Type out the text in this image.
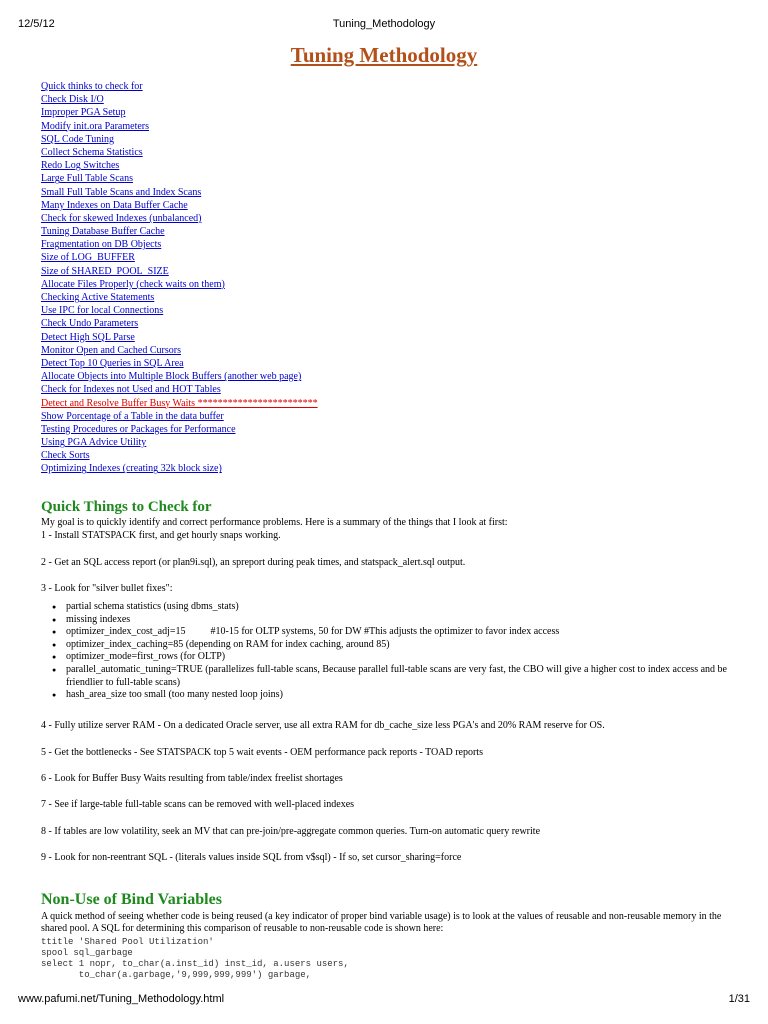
12/5/12	Tuning_Methodology
Tuning Methodology
Quick thinks to check for
Check Disk I/O
Improper PGA Setup
Modify init.ora Parameters
SQL Code Tuning
Collect Schema Statistics
Redo Log Switches
Large Full Table Scans
Small Full Table Scans and Index Scans
Many Indexes on Data Buffer Cache
Check for skewed Indexes (unbalanced)
Tuning Database Buffer Cache
Fragmentation on DB Objects
Size of LOG_BUFFER
Size of SHARED_POOL_SIZE
Allocate Files Properly (check waits on them)
Checking Active Statements
Use IPC for local Connections
Check Undo Parameters
Detect High SQL Parse
Monitor Open and Cached Cursors
Detect Top 10 Queries in SQL Area
Allocate Objects into Multiple Block Buffers (another web page)
Check for Indexes not Used and HOT Tables
Detect and Resolve Buffer Busy Waits ************************
Show Porcentage of a Table in the data buffer
Testing Procedures or Packages for Performance
Using PGA Advice Utility
Check Sorts
Optimizing Indexes (creating 32k block size)
Quick Things to Check for

My goal is to quickly identify and correct performance problems. Here is a summary of the things that I look at first:

1 - Install STATSPACK first, and get hourly snaps working.

2 - Get an SQL access report (or plan9i.sql), an spreport during peak times, and statspack_alert.sql output.

3 - Look for "silver bullet fixes":

● partial schema statistics (using dbms_stats)
● missing indexes
● optimizer_index_cost_adj=15          #10-15 for OLTP systems, 50 for DW #This adjusts the optimizer to favor index access
● optimizer_index_caching=85 (depending on RAM for index caching, around 85)
● optimizer_mode=first_rows (for OLTP)
● parallel_automatic_tuning=TRUE (parallelizes full-table scans, Because parallel full-table scans are very fast, the CBO will give a higher cost to index access and be friendlier to full-table scans)
● hash_area_size too small (too many nested loop joins)

4 - Fully utilize server RAM - On a dedicated Oracle server, use all extra RAM for db_cache_size less PGA's and 20% RAM reserve for OS.

5 - Get the bottlenecks - See STATSPACK top 5 wait events - OEM performance pack reports - TOAD reports

6 - Look for Buffer Busy Waits resulting from table/index freelist shortages

7 - See if large-table full-table scans can be removed with well-placed indexes

8 - If tables are low volatility, seek an MV that can pre-join/pre-aggregate common queries. Turn-on automatic query rewrite

9 - Look for non-reentrant SQL - (literals values inside SQL from v$sql) - If so, set cursor_sharing=force

Non-Use of Bind Variables

A quick method of seeing whether code is being reused (a key indicator of proper bind variable usage) is to look at the values of reusable and non-reusable memory in the shared pool. A SQL for determining this comparison of reusable to non-reusable code is shown here:

ttitle 'Shared Pool Utilization'
spool sql_garbage
select 1 nopr, to_char(a.inst_id) inst_id, a.users users,
to_char(a.garbage,'9,999,999,999') garbage,
www.pafumi.net/Tuning_Methodology.html	1/31
